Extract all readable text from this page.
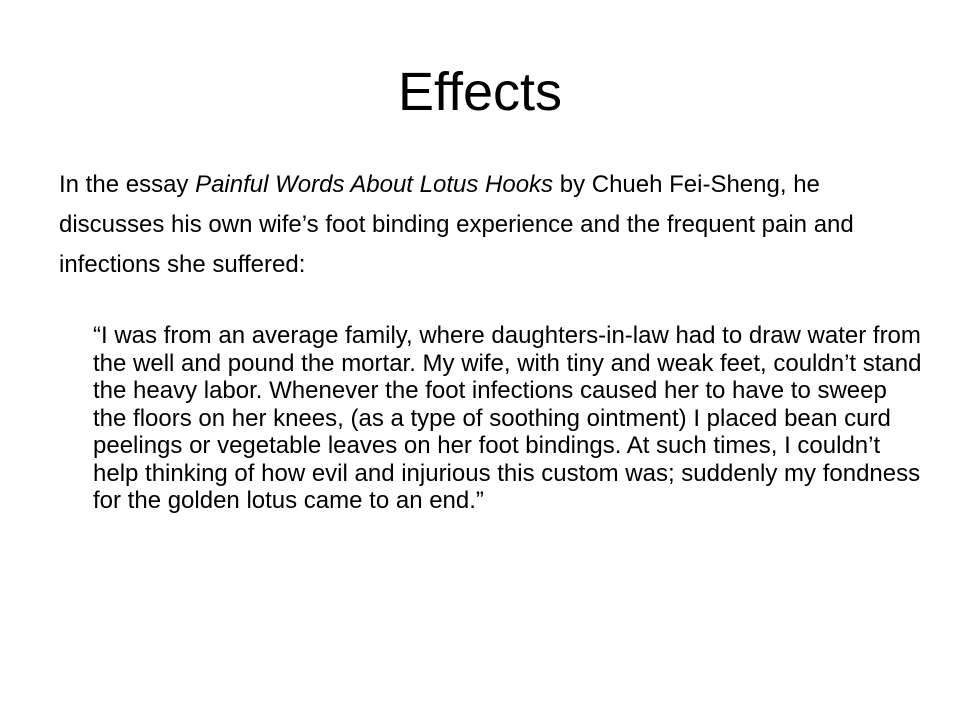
Effects

In the essay Painful Words About Lotus Hooks by Chueh Fei-Sheng, he discusses his own wife’s foot binding experience and the frequent pain and infections she suffered:

“I was from an average family, where daughters-in-law had to draw water from the well and pound the mortar. My wife, with tiny and weak feet, couldn’t stand the heavy labor. Whenever the foot infections caused her to have to sweep the floors on her knees, (as a type of soothing ointment) I placed bean curd peelings or vegetable leaves on her foot bindings. At such times, I couldn’t help thinking of how evil and injurious this custom was; suddenly my fondness for the golden lotus came to an end.”
